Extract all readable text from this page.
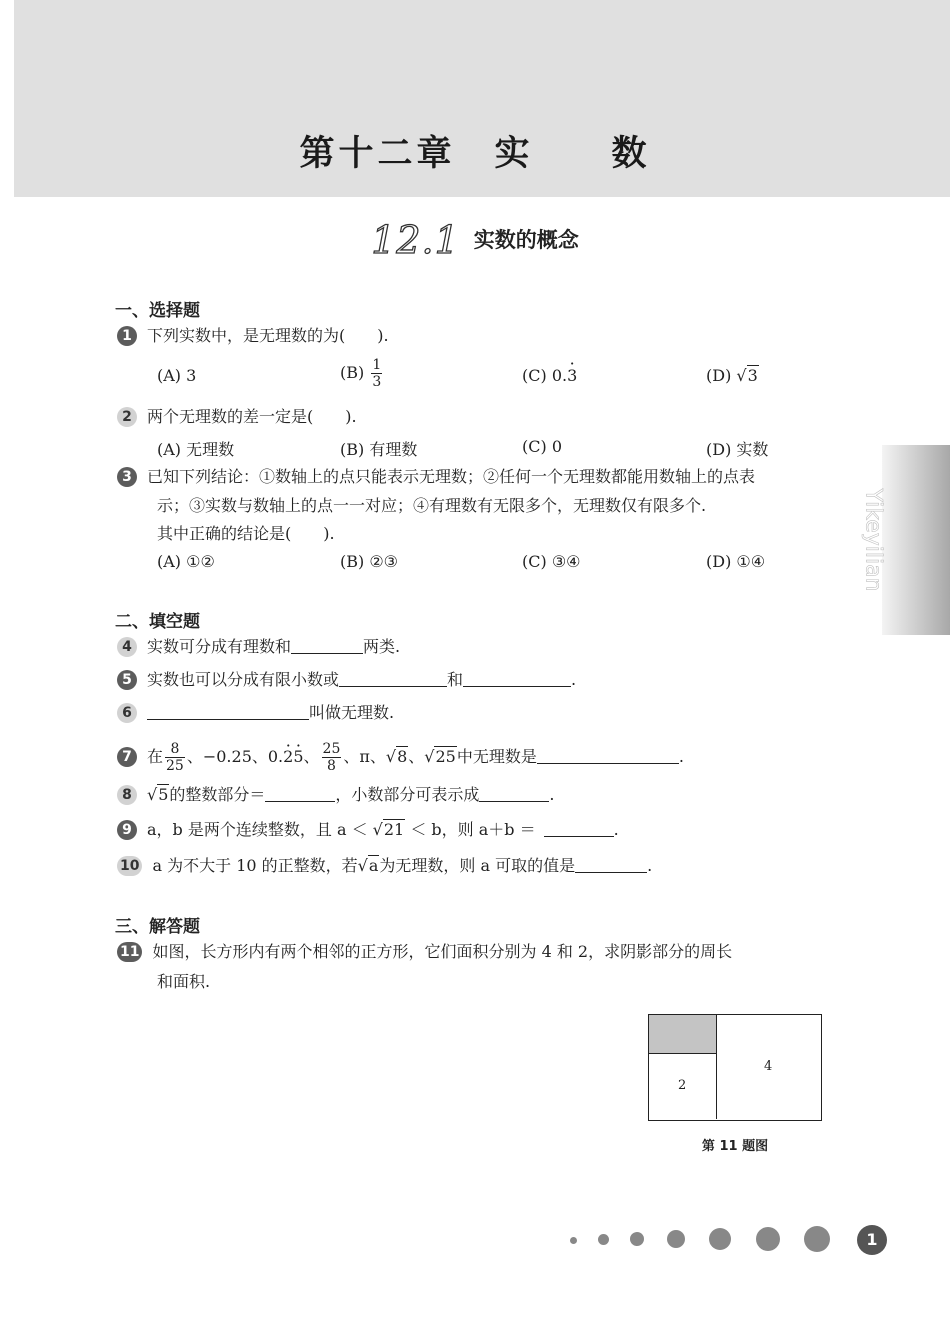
第十二章　实　　数
12.1 实数的概念
Yikeyilian
一、选择题
1 下列实数中，是无理数的为(　　).
(A) 3	$(B) \frac{1}{3}$	(C) 0.· 3	(D) √3
2 两个无理数的差一定是(　　).
(A) 无理数	(B) 有理数	(C) 0	(D) 实数
3 已知下列结论：①数轴上的点只能表示无理数；②任何一个无理数都能用数轴上的点表
示；③实数与数轴上的点一一对应；④有理数有无限多个，无理数仅有限多个.
其中正确的结论是(　　).
(A) ①②	(B) ②③	(C) ③④	(D) ①④
二、填空题
4 实数可分成有理数和	两类.
5 实数也可以分成有限小数或	和	.
6	叫做无理数.
7 在 $\frac{8}{25}$ 、−0.25、0.· 2· 5、 $\frac{25}{8}$ 、π、√8、√25中无理数是	.
8 √5的整数部分＝	，小数部分可表示成	.
9 a，b 是两个连续整数，且 a ＜ √21 ＜ b，则 a＋b ＝	.
10 a 为不大于 10 的正整数，若√a为无理数，则 a 可取的值是	.
三、解答题
11 如图，长方形内有两个相邻的正方形，它们面积分别为 4 和 2，求阴影部分的周长
和面积.
2
4
第 11 题图
1
